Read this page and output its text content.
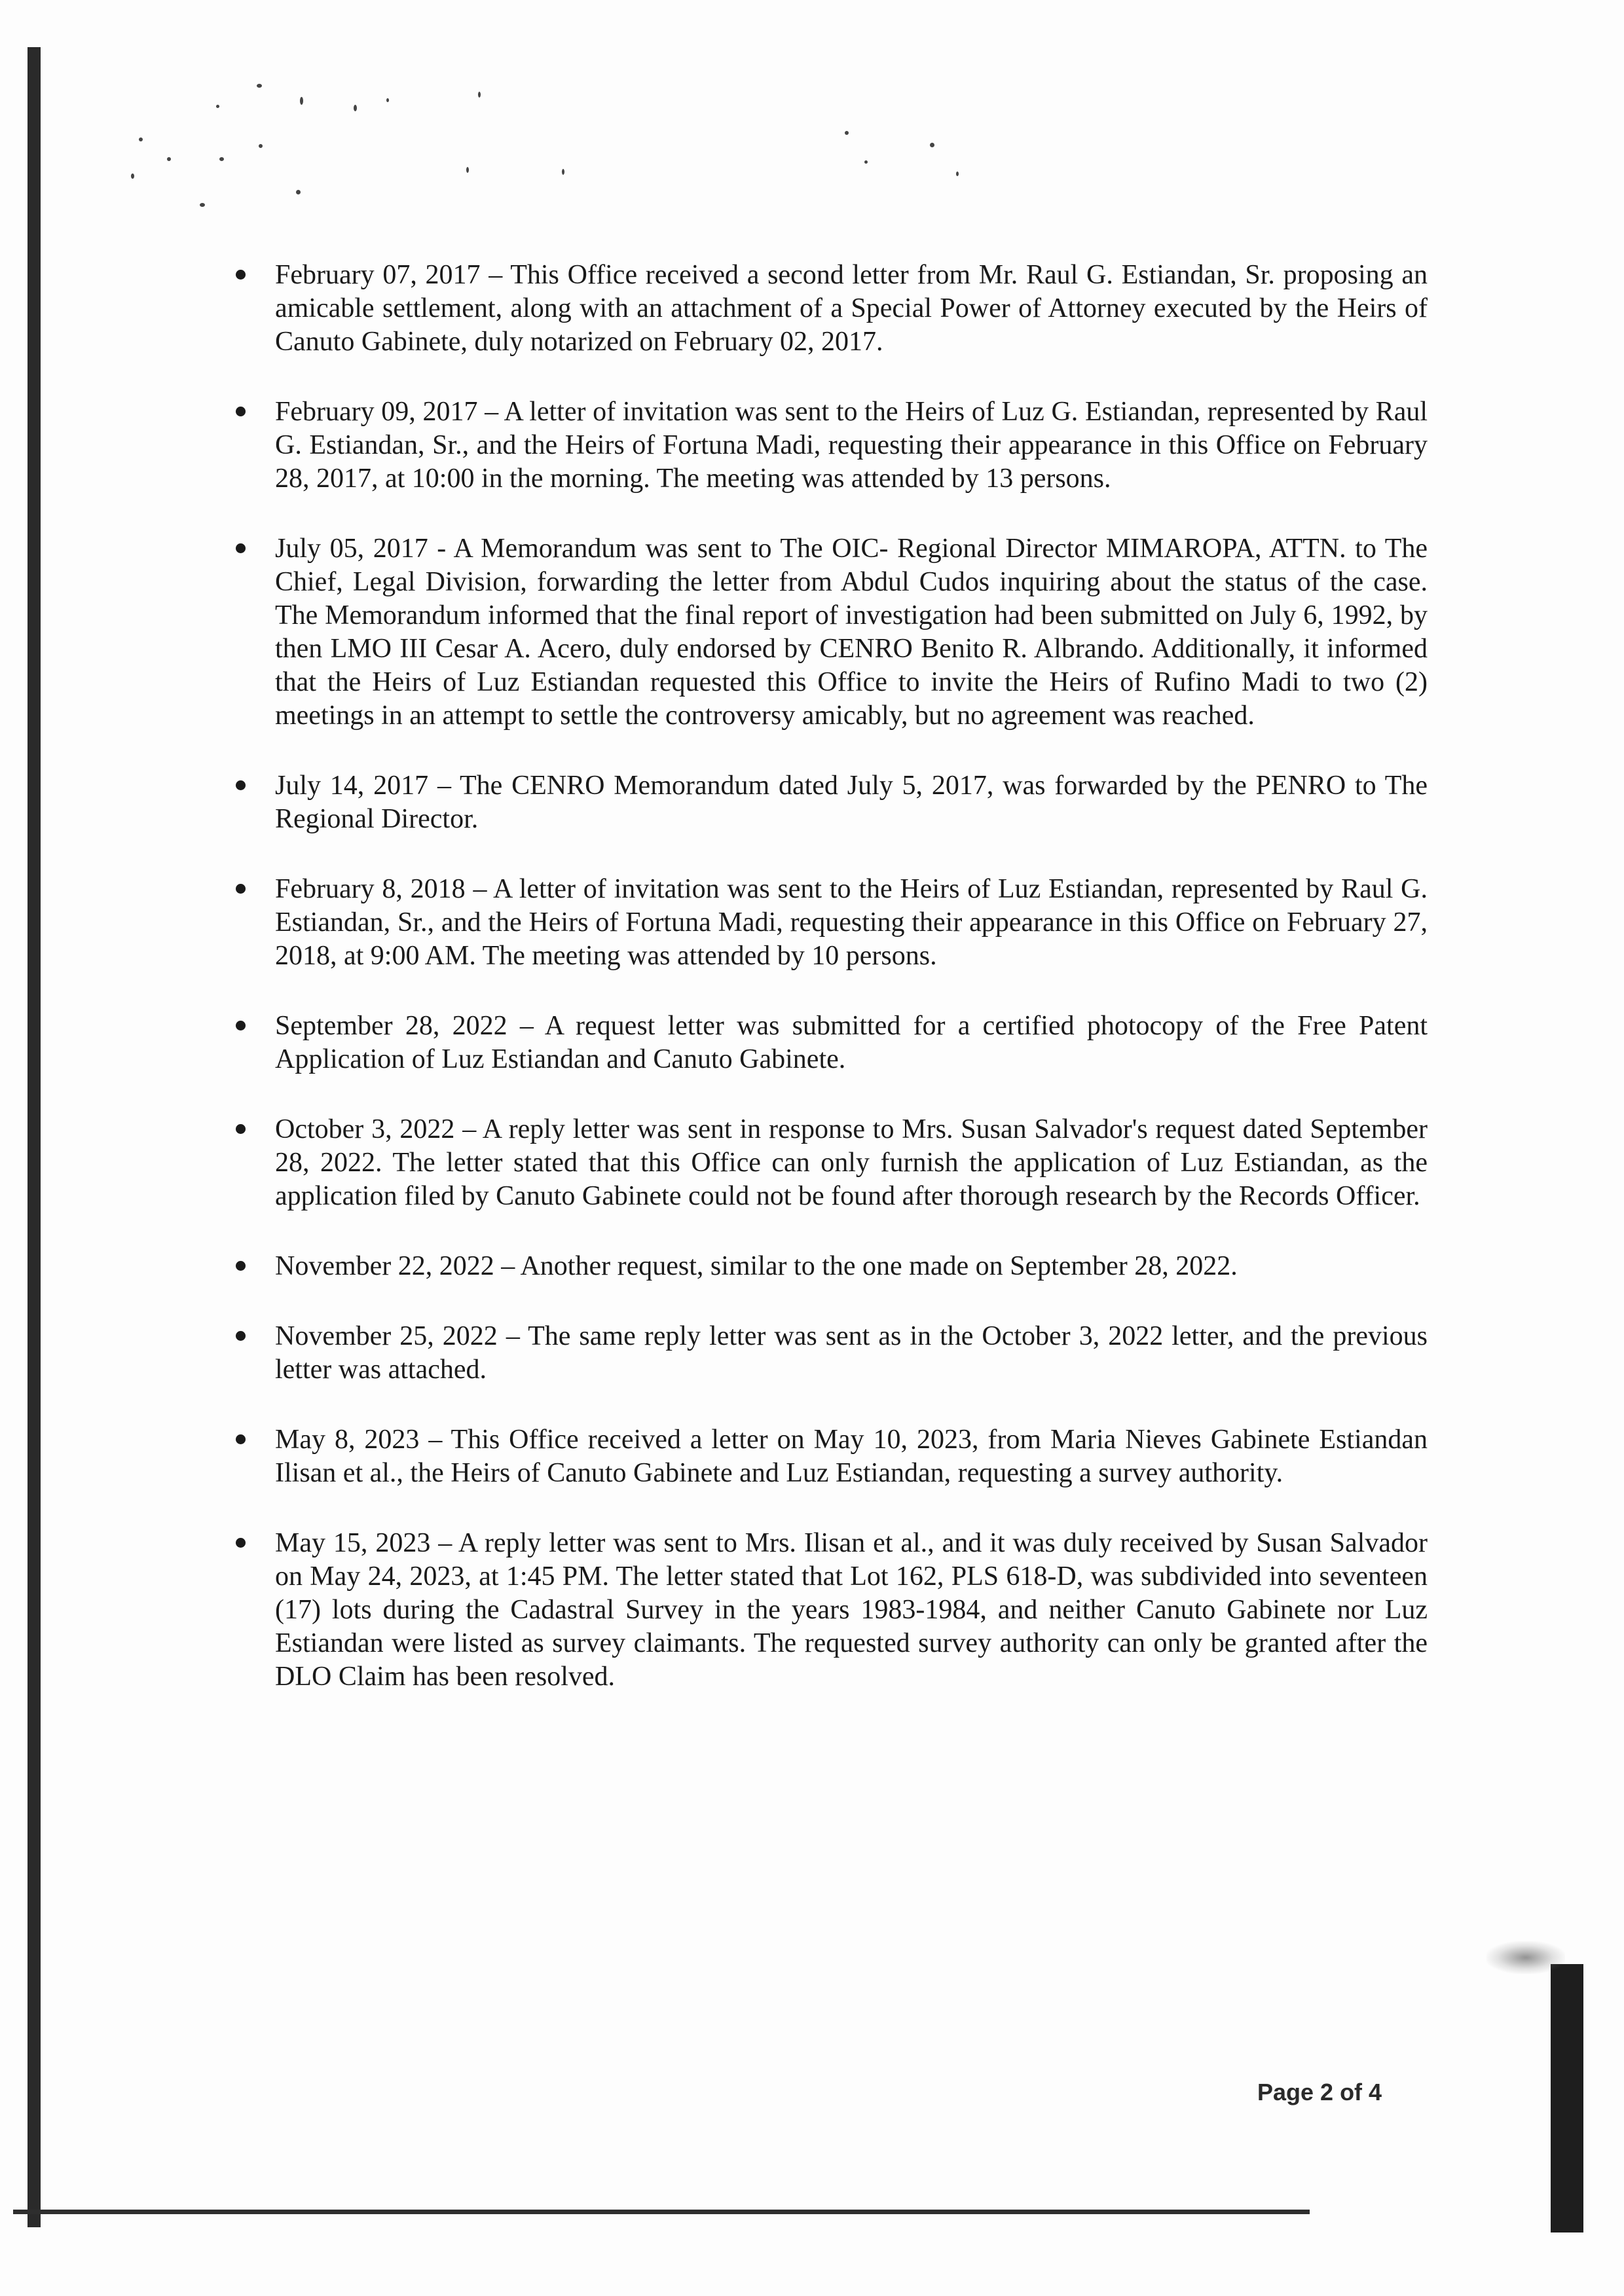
February 07, 2017 – This Office received a second letter from Mr. Raul G. Estiandan, Sr. proposing an amicable settlement, along with an attachment of a Special Power of Attorney executed by the Heirs of Canuto Gabinete, duly notarized on February 02, 2017.

February 09, 2017 – A letter of invitation was sent to the Heirs of Luz G. Estiandan, represented by Raul G. Estiandan, Sr., and the Heirs of Fortuna Madi, requesting their appearance in this Office on February 28, 2017, at 10:00 in the morning. The meeting was attended by 13 persons.

July 05, 2017 - A Memorandum was sent to The OIC- Regional Director MIMAROPA, ATTN. to The Chief, Legal Division, forwarding the letter from Abdul Cudos inquiring about the status of the case. The Memorandum informed that the final report of investigation had been submitted on July 6, 1992, by then LMO III Cesar A. Acero, duly endorsed by CENRO Benito R. Albrando. Additionally, it informed that the Heirs of Luz Estiandan requested this Office to invite the Heirs of Rufino Madi to two (2) meetings in an attempt to settle the controversy amicably, but no agreement was reached.

July 14, 2017 – The CENRO Memorandum dated July 5, 2017, was forwarded by the PENRO to The Regional Director.

February 8, 2018 – A letter of invitation was sent to the Heirs of Luz Estiandan, represented by Raul G. Estiandan, Sr., and the Heirs of Fortuna Madi, requesting their appearance in this Office on February 27, 2018, at 9:00 AM. The meeting was attended by 10 persons.

September 28, 2022 – A request letter was submitted for a certified photocopy of the Free Patent Application of Luz Estiandan and Canuto Gabinete.

October 3, 2022 – A reply letter was sent in response to Mrs. Susan Salvador's request dated September 28, 2022. The letter stated that this Office can only furnish the application of Luz Estiandan, as the application filed by Canuto Gabinete could not be found after thorough research by the Records Officer.

November 22, 2022 – Another request, similar to the one made on September 28, 2022.

November 25, 2022 – The same reply letter was sent as in the October 3, 2022 letter, and the previous letter was attached.

May 8, 2023 – This Office received a letter on May 10, 2023, from Maria Nieves Gabinete Estiandan Ilisan et al., the Heirs of Canuto Gabinete and Luz Estiandan, requesting a survey authority.

May 15, 2023 – A reply letter was sent to Mrs. Ilisan et al., and it was duly received by Susan Salvador on May 24, 2023, at 1:45 PM. The letter stated that Lot 162, PLS 618-D, was subdivided into seventeen (17) lots during the Cadastral Survey in the years 1983-1984, and neither Canuto Gabinete nor Luz Estiandan were listed as survey claimants. The requested survey authority can only be granted after the DLO Claim has been resolved.

Page 2 of 4
